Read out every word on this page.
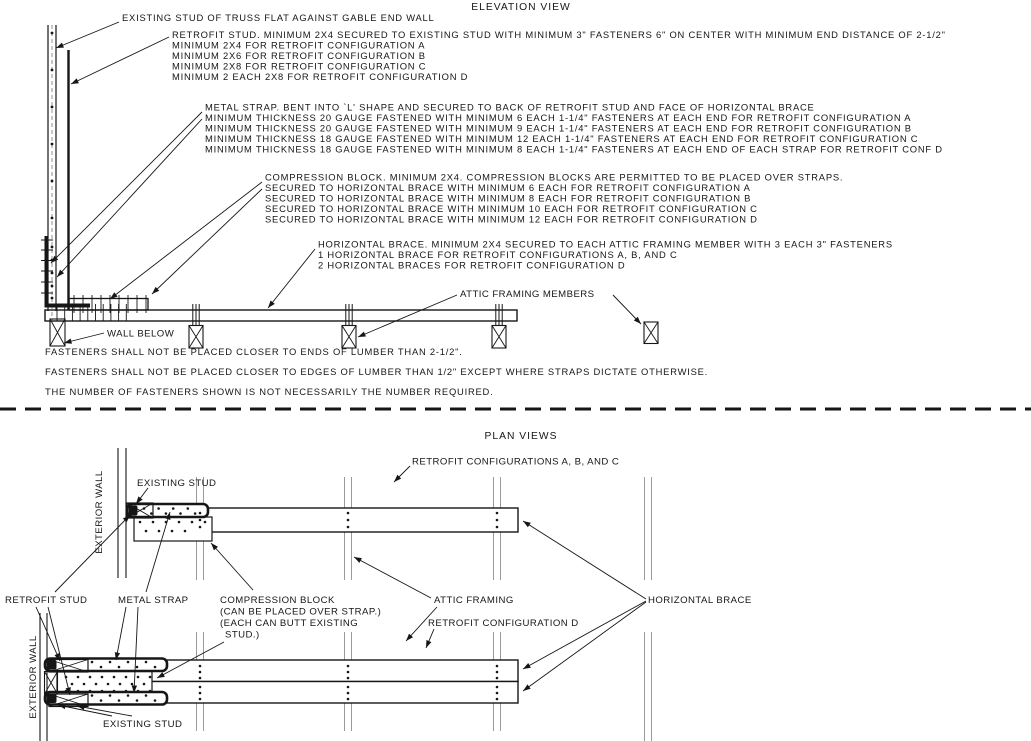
ELEVATION VIEW
PLAN VIEWS
EXISTING STUD OF TRUSS FLAT AGAINST GABLE END WALL
RETROFIT STUD. MINIMUM 2X4 SECURED TO EXISTING STUD WITH MINIMUM 3" FASTENERS 6" ON CENTER WITH MINIMUM END DISTANCE OF 2-1/2"
MINIMUM 2X4 FOR RETROFIT CONFIGURATION A
MINIMUM 2X6 FOR RETROFIT CONFIGURATION B
MINIMUM 2X8 FOR RETROFIT CONFIGURATION C
MINIMUM 2 EACH 2X8 FOR RETROFIT CONFIGURATION D
METAL STRAP. BENT INTO `L' SHAPE AND SECURED TO BACK OF RETROFIT STUD AND FACE OF HORIZONTAL BRACE
MINIMUM THICKNESS 20 GAUGE FASTENED WITH MINIMUM 6 EACH 1-1/4" FASTENERS AT EACH END FOR RETROFIT CONFIGURATION A
MINIMUM THICKNESS 20 GAUGE FASTENED WITH MINIMUM 9 EACH 1-1/4" FASTENERS AT EACH END FOR RETROFIT CONFIGURATION B
MINIMUM THICKNESS 18 GAUGE FASTENED WITH MINIMUM 12 EACH 1-1/4" FASTENERS AT EACH END FOR RETROFIT CONFIGURATION C
MINIMUM THICKNESS 18 GAUGE FASTENED WITH MINIMUM 8 EACH 1-1/4" FASTENERS AT EACH END OF EACH STRAP FOR RETROFIT CONF D
COMPRESSION BLOCK. MINIMUM 2X4. COMPRESSION BLOCKS ARE PERMITTED TO BE PLACED OVER STRAPS.
SECURED TO HORIZONTAL BRACE WITH MINIMUM 6 EACH FOR RETROFIT CONFIGURATION A
SECURED TO HORIZONTAL BRACE WITH MINIMUM 8 EACH FOR RETROFIT CONFIGURATION B
SECURED TO HORIZONTAL BRACE WITH MINIMUM 10 EACH FOR RETROFIT CONFIGURATION C
SECURED TO HORIZONTAL BRACE WITH MINIMUM 12 EACH FOR RETROFIT CONFIGURATION D
HORIZONTAL BRACE. MINIMUM 2X4 SECURED TO EACH ATTIC FRAMING MEMBER WITH 3 EACH 3" FASTENERS
1 HORIZONTAL BRACE FOR RETROFIT CONFIGURATIONS A, B, AND C
2 HORIZONTAL BRACES FOR RETROFIT CONFIGURATION D
ATTIC FRAMING MEMBERS
WALL BELOW
FASTENERS SHALL NOT BE PLACED CLOSER TO ENDS OF LUMBER THAN 2-1/2".
FASTENERS SHALL NOT BE PLACED CLOSER TO EDGES OF LUMBER THAN 1/2" EXCEPT WHERE STRAPS DICTATE OTHERWISE.
THE NUMBER OF FASTENERS SHOWN IS NOT NECESSARILY THE NUMBER REQUIRED.
RETROFIT CONFIGURATIONS A, B, AND C
EXTERIOR WALL	EXISTING STUD
RETROFIT STUD	METAL STRAP	COMPRESSION BLOCK
(CAN BE PLACED OVER STRAP.)
(EACH CAN BUTT EXISTING
STUD.)
ATTIC FRAMING	HORIZONTAL BRACE
RETROFIT CONFIGURATION D
EXTERIOR WALL
EXISTING STUD
